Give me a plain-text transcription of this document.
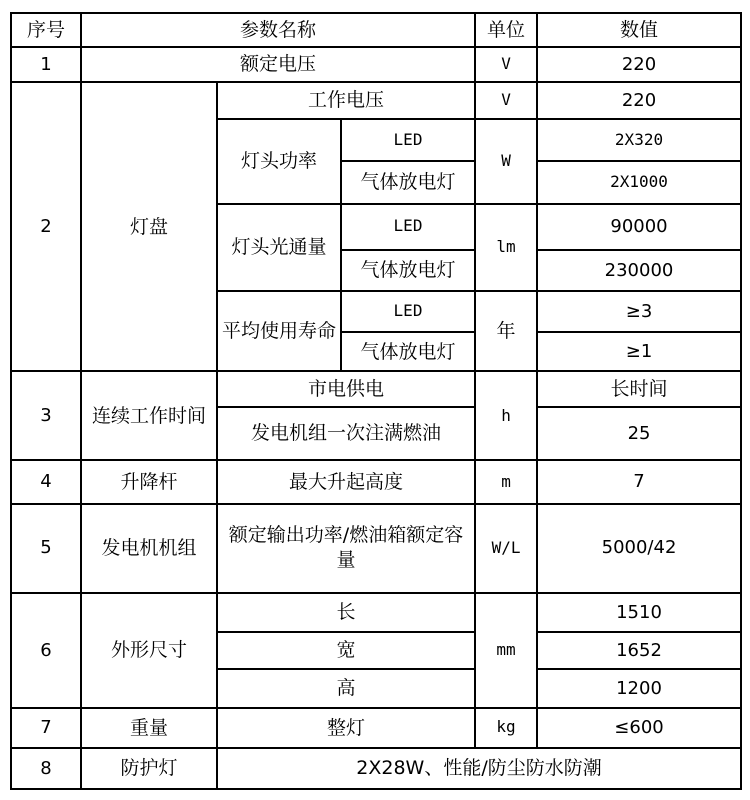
序号	参数名称			单位	数值
1	额定电压			V	220
2	灯盘	工作电压		V	220
		灯头功率	LED	W	2X320
			气体放电灯		2X1000
		灯头光通量	LED	lm	90000
			气体放电灯		230000
		平均使用寿命	LED	年	≥3
			气体放电灯		≥1
3	连续工作时间	市电供电		h	长时间
		发电机组一次注满燃油			25
4	升降杆	最大升起高度		m	7
5	发电机机组	额定输出功率/燃油箱额定容量		W/L	5000/42
6	外形尺寸	长		mm	1510
		宽			1652
		高			1200
7	重量	整灯		kg	≤600
8	防护灯	2X28W、性能/防尘防水防潮			
